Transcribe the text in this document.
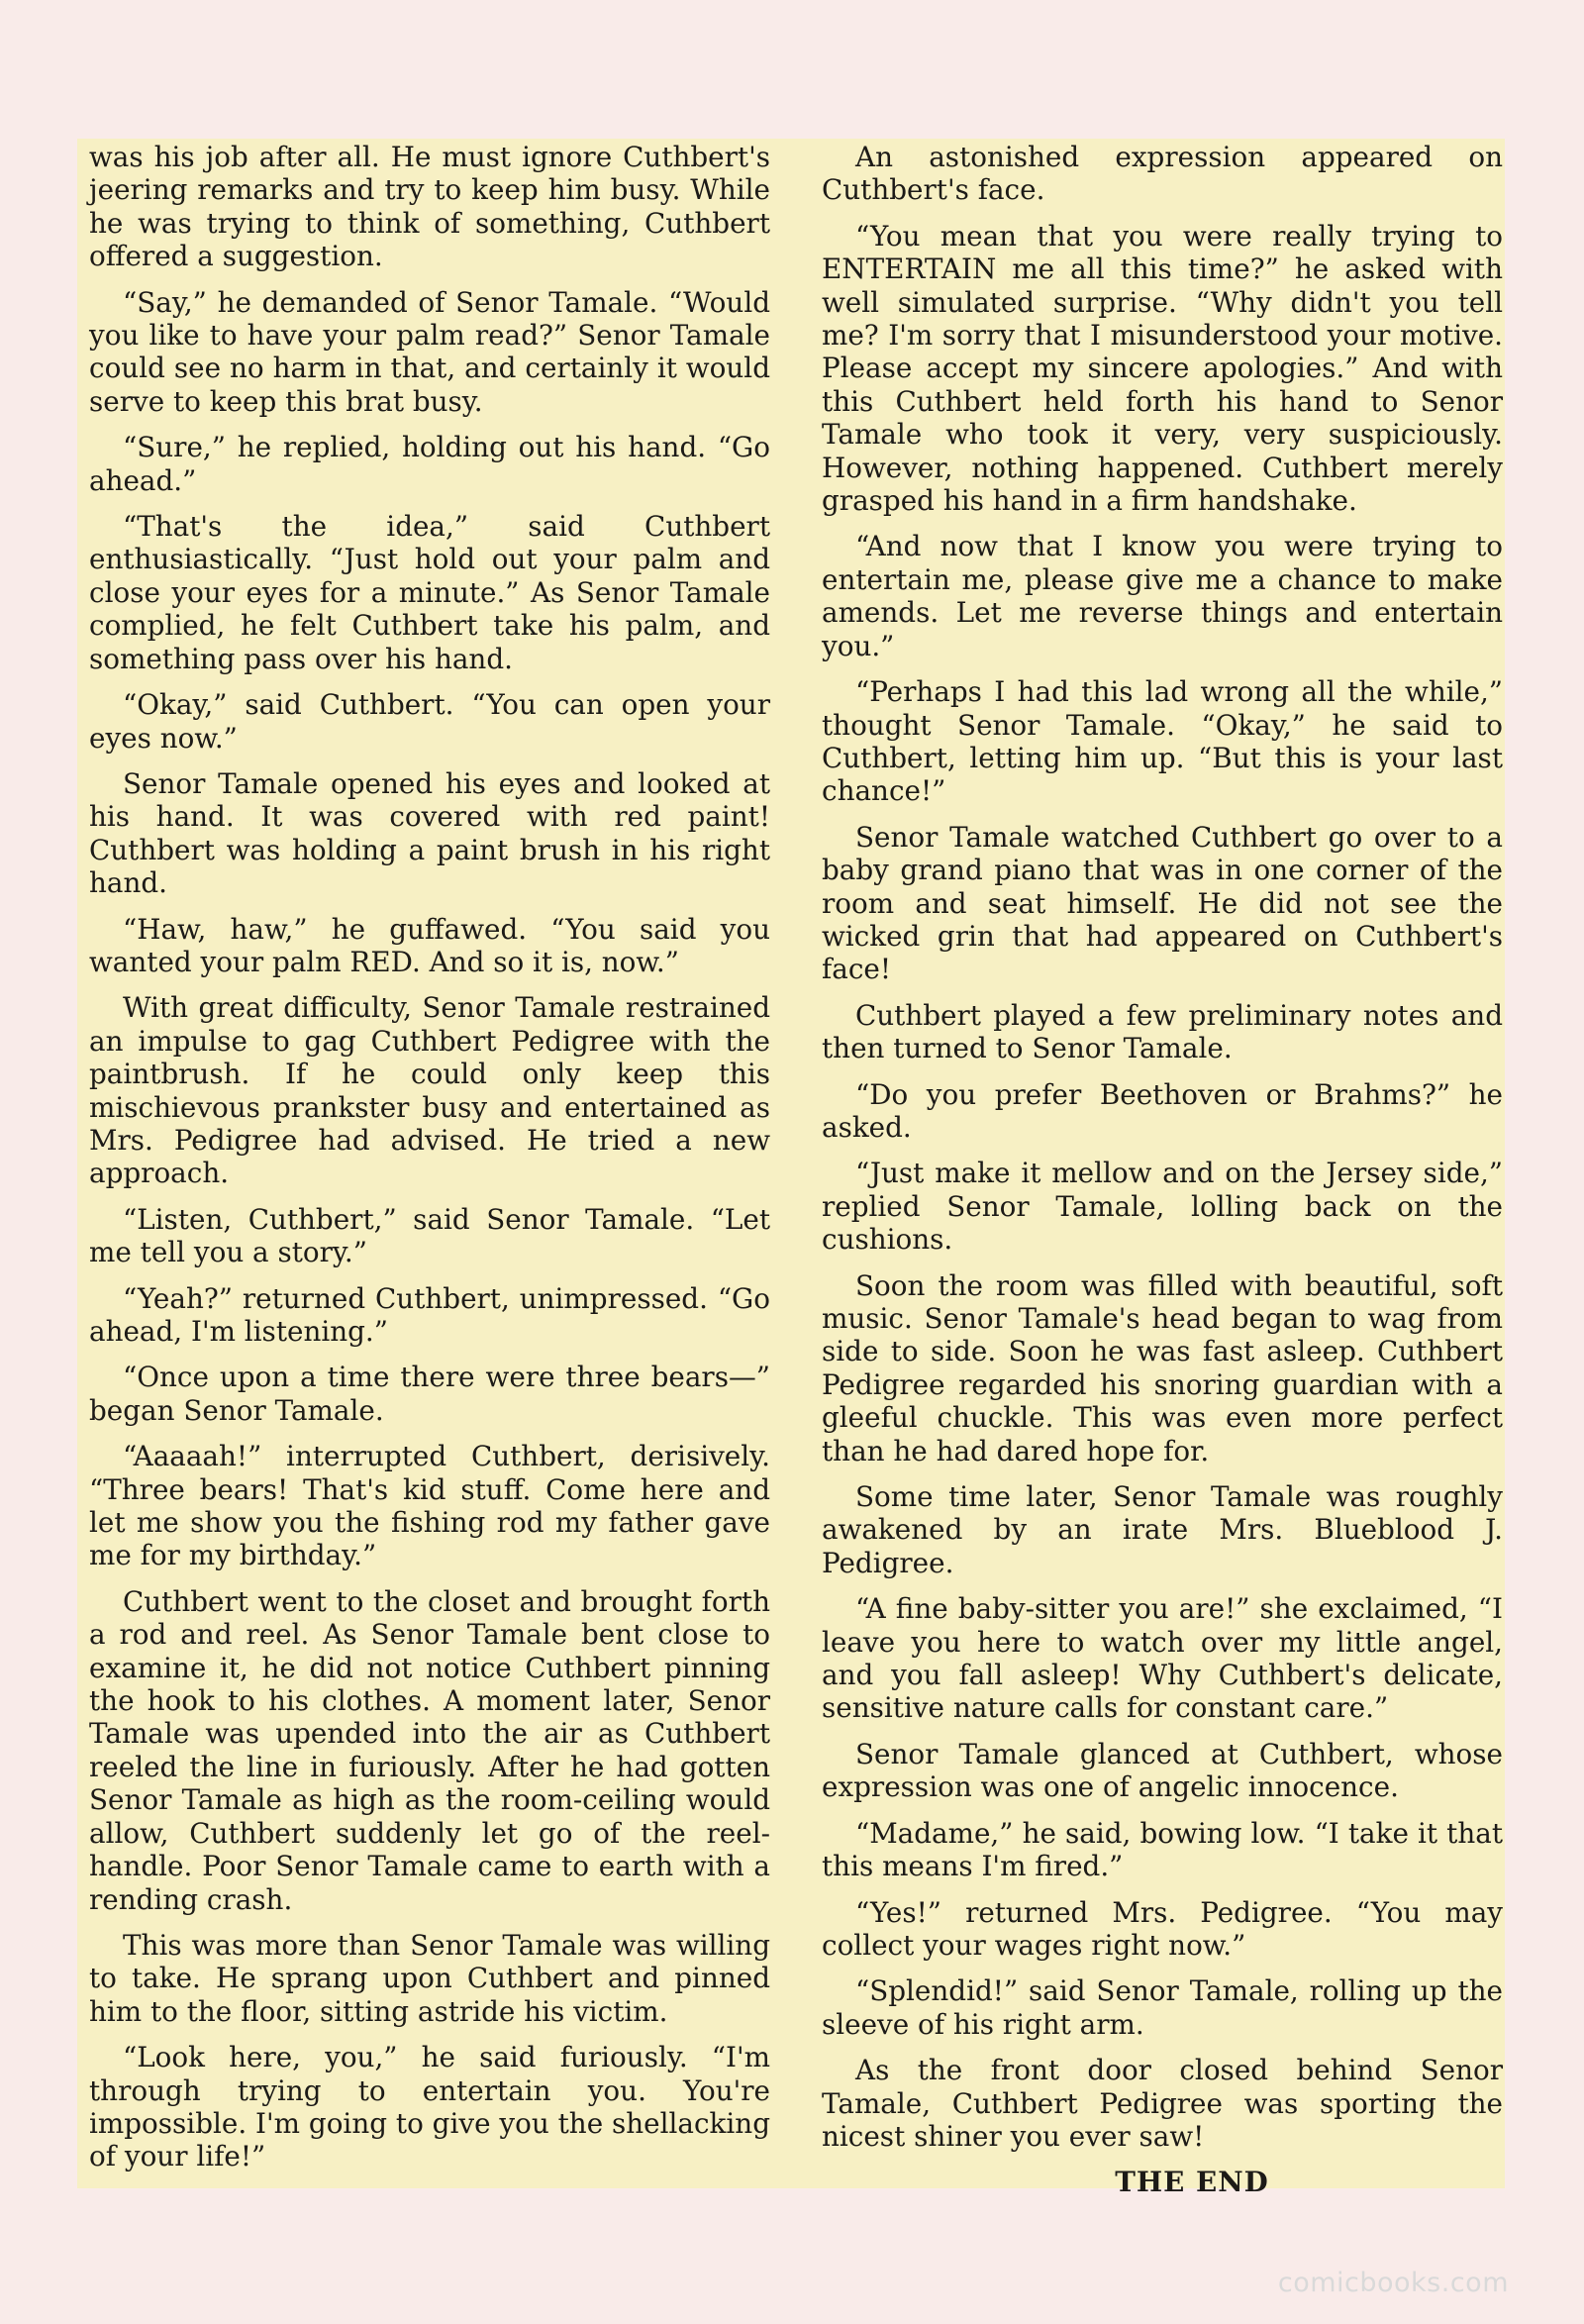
was his job after all. He must ignore Cuthbert's jeering remarks and try to keep him busy. While he was trying to think of something, Cuthbert offered a suggestion.

“Say,” he demanded of Senor Tamale. “Would you like to have your palm read?” Senor Tamale could see no harm in that, and certainly it would serve to keep this brat busy.

“Sure,” he replied, holding out his hand. “Go ahead.”

“That's the idea,” said Cuthbert enthusiastically. “Just hold out your palm and close your eyes for a minute.” As Senor Tamale complied, he felt Cuthbert take his palm, and something pass over his hand.

“Okay,” said Cuthbert. “You can open your eyes now.”

Senor Tamale opened his eyes and looked at his hand. It was covered with red paint! Cuthbert was holding a paint brush in his right hand.

“Haw, haw,” he guffawed. “You said you wanted your palm RED. And so it is, now.”

With great difficulty, Senor Tamale restrained an impulse to gag Cuthbert Pedigree with the paintbrush. If he could only keep this mischievous prankster busy and entertained as Mrs. Pedigree had advised. He tried a new approach.

“Listen, Cuthbert,” said Senor Tamale. “Let me tell you a story.”

“Yeah?” returned Cuthbert, unimpressed. “Go ahead, I'm listening.”

“Once upon a time there were three bears—” began Senor Tamale.

“Aaaaah!” interrupted Cuthbert, derisively. “Three bears! That's kid stuff. Come here and let me show you the fishing rod my father gave me for my birthday.”

Cuthbert went to the closet and brought forth a rod and reel. As Senor Tamale bent close to examine it, he did not notice Cuthbert pinning the hook to his clothes. A moment later, Senor Tamale was upended into the air as Cuthbert reeled the line in furiously. After he had gotten Senor Tamale as high as the room-ceiling would allow, Cuthbert suddenly let go of the reel-handle. Poor Senor Tamale came to earth with a rending crash.

This was more than Senor Tamale was willing to take. He sprang upon Cuthbert and pinned him to the floor, sitting astride his victim.

“Look here, you,” he said furiously. “I'm through trying to entertain you. You're impossible. I'm going to give you the shellacking of your life!”

An astonished expression appeared on Cuthbert's face.

“You mean that you were really trying to ENTERTAIN me all this time?” he asked with well simulated surprise. “Why didn't you tell me? I'm sorry that I misunderstood your motive. Please accept my sincere apologies.” And with this Cuthbert held forth his hand to Senor Tamale who took it very, very suspiciously. However, nothing happened. Cuthbert merely grasped his hand in a firm handshake.

“And now that I know you were trying to entertain me, please give me a chance to make amends. Let me reverse things and entertain you.”

“Perhaps I had this lad wrong all the while,” thought Senor Tamale. “Okay,” he said to Cuthbert, letting him up. “But this is your last chance!”

Senor Tamale watched Cuthbert go over to a baby grand piano that was in one corner of the room and seat himself. He did not see the wicked grin that had appeared on Cuthbert's face!

Cuthbert played a few preliminary notes and then turned to Senor Tamale.

“Do you prefer Beethoven or Brahms?” he asked.

“Just make it mellow and on the Jersey side,” replied Senor Tamale, lolling back on the cushions.

Soon the room was filled with beautiful, soft music. Senor Tamale's head began to wag from side to side. Soon he was fast asleep. Cuthbert Pedigree regarded his snoring guardian with a gleeful chuckle. This was even more perfect than he had dared hope for.

Some time later, Senor Tamale was roughly awakened by an irate Mrs. Blueblood J. Pedigree.

“A fine baby-sitter you are!” she exclaimed, “I leave you here to watch over my little angel, and you fall asleep! Why Cuthbert's delicate, sensitive nature calls for constant care.”

Senor Tamale glanced at Cuthbert, whose expression was one of angelic innocence.

“Madame,” he said, bowing low. “I take it that this means I'm fired.”

“Yes!” returned Mrs. Pedigree. “You may collect your wages right now.”

“Splendid!” said Senor Tamale, rolling up the sleeve of his right arm.

As the front door closed behind Senor Tamale, Cuthbert Pedigree was sporting the nicest shiner you ever saw!

THE END

comicbooks.com
